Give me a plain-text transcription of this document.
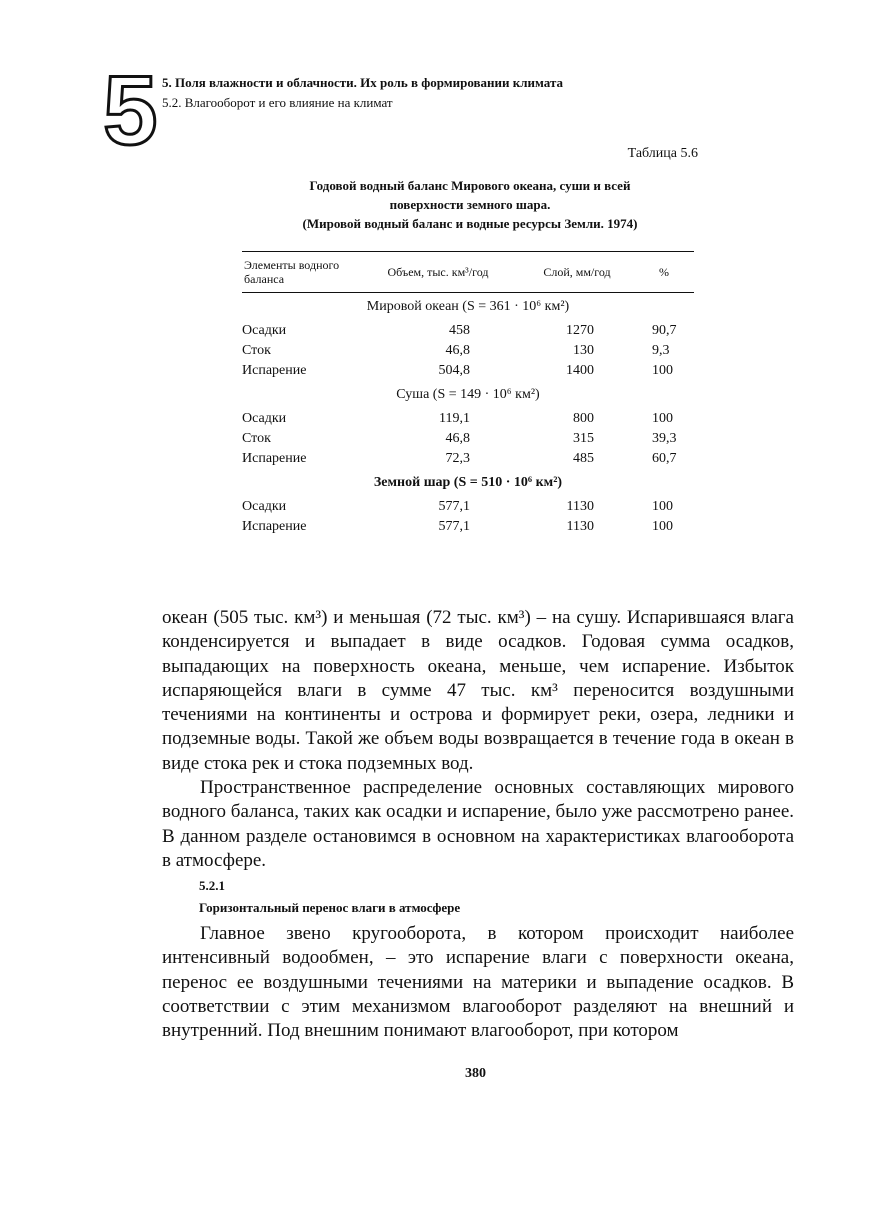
5 5. Поля влажности и облачности. Их роль в формировании климата
5.2. Влагооборот и его влияние на климат
Таблица 5.6
Годовой водный баланс Мирового океана, суши и всей
поверхности земного шара.
(Мировой водный баланс и водные ресурсы Земли. 1974)
Элементы водного баланса	Объем, тыс. км³/год	Слой, мм/год	%
Мировой океан (S = 361 · 10⁶ км²)			
Осадки	458	1270	90,7
Сток	46,8	130	9,3
Испарение	504,8	1400	100
Суша (S = 149 · 10⁶ км²)			
Осадки	119,1	800	100
Сток	46,8	315	39,3
Испарение	72,3	485	60,7
Земной шар (S = 510 · 10⁶ км²)			
Осадки	577,1	1130	100
Испарение	577,1	1130	100

океан (505 тыс. км³) и меньшая (72 тыс. км³) – на сушу. Испарившаяся влага конденсируется и выпадает в виде осадков. Годовая сумма осадков, выпадающих на поверхность океана, меньше, чем испарение. Избыток испаряющейся влаги в сумме 47 тыс. км³ переносится воздушными течениями на континенты и острова и формирует реки, озера, ледники и подземные воды. Такой же объем воды возвращается в течение года в океан в виде стока рек и стока подземных вод.

Пространственное распределение основных составляющих мирового водного баланса, таких как осадки и испарение, было уже рассмотрено ранее. В данном разделе остановимся в основном на характеристиках влагооборота в атмосфере.

5.2.1
Горизонтальный перенос влаги в атмосфере

Главное звено кругооборота, в котором происходит наиболее интенсивный водообмен, – это испарение влаги с поверхности океана, перенос ее воздушными течениями на материки и выпадение осадков. В соответствии с этим механизмом влагооборот разделяют на внешний и внутренний. Под внешним понимают влагооборот, при котором

380
